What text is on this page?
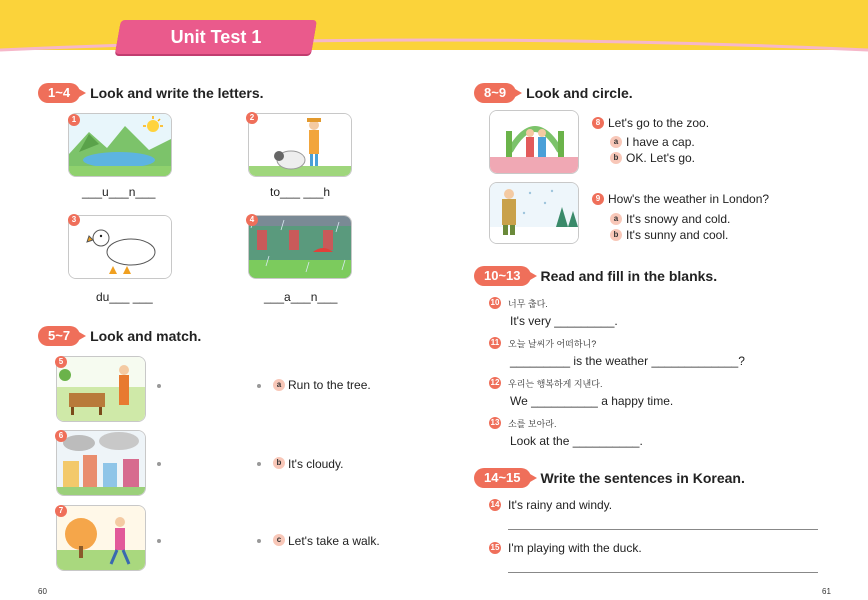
Unit Test 1
1~4	Look and write the letters.
1
___u___n___
2
to___ ___h
3
du___ ___
4
___a___n___
5~7	Look and match.
5
a Run to the tree.
6
b It's cloudy.
7
c Let's take a walk.
60
8~9	Look and circle.
8 Let's go to the zoo.
a I have a cap.
b OK. Let's go.
9 How's the weather in London?
a It's snowy and cold.
b It's sunny and cool.
10~13	Read and fill in the blanks.
10 너무 춥다.
It's very _________.
11 오늘 날씨가 어떠하니?
_________ is the weather _____________?
12 우리는 행복하게 지낸다.
We __________ a happy time.
13 소를 보아라.
Look at the __________.
14~15	Write the sentences in Korean.
14 It's rainy and windy.
15 I'm playing with the duck.
61
